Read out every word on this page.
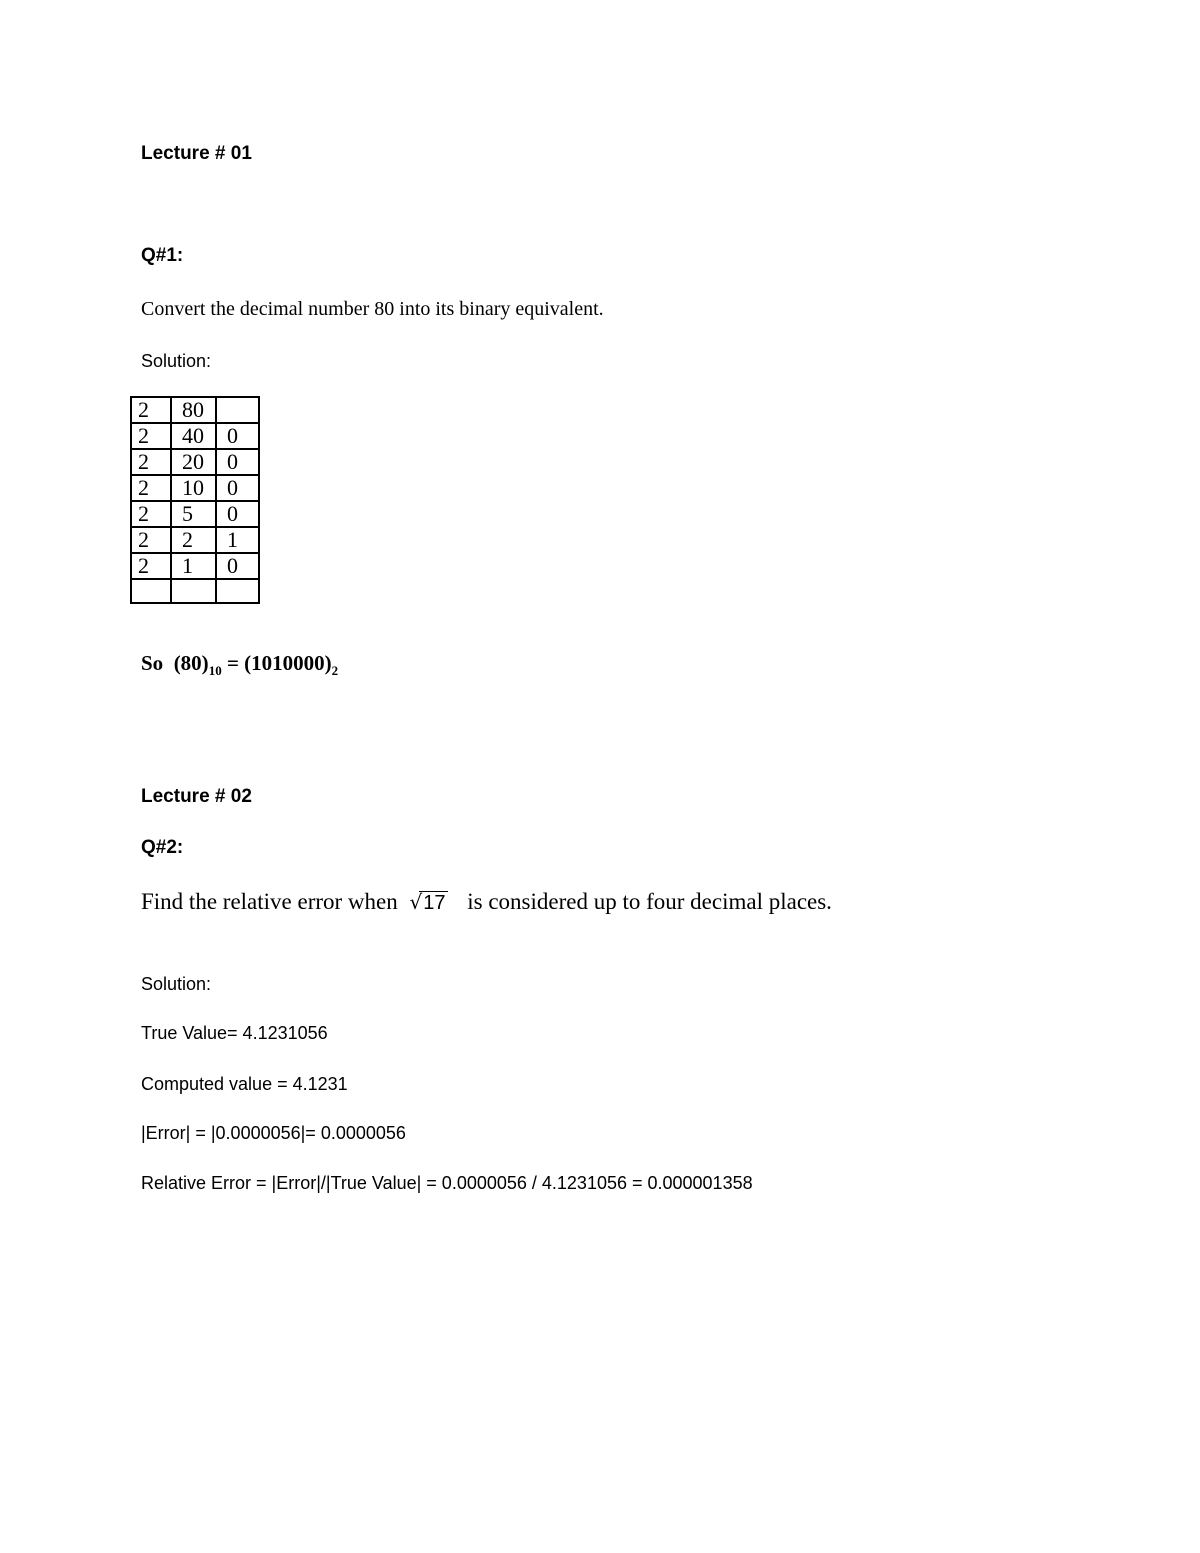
Lecture # 01
Q#1:
Convert the decimal number 80 into its binary equivalent.
Solution:
2	80	
2	40	0
2	20	0
2	10	0
2	5	0
2	2	1
2	1	0

So $(80)_{10} = (1010000)_2$
Lecture # 02
Q#2:
Find the relative error when √17 is considered up to four decimal places.
Solution:
True Value= 4.1231056
Computed value = 4.1231
|Error| = |0.0000056|= 0.0000056
Relative Error = |Error|/|True Value| = 0.0000056 / 4.1231056 = 0.000001358
